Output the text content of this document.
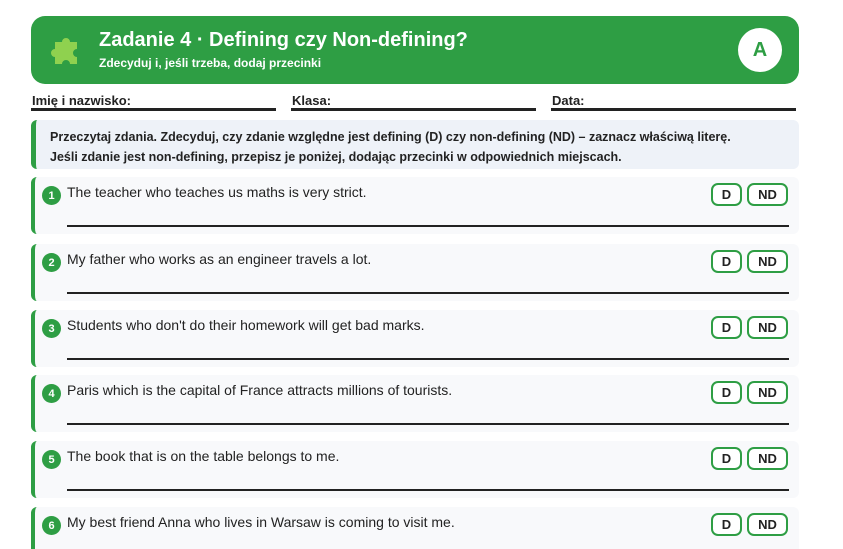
Zadanie 4 · Defining czy Non-defining?
Zdecyduj i, jeśli trzeba, dodaj przecinki
A
Imię i nazwisko:	Klasa:	Data:
Przeczytaj zdania. Zdecyduj, czy zdanie względne jest defining (D) czy non-defining (ND) – zaznacz właściwą literę.
Jeśli zdanie jest non-defining, przepisz je poniżej, dodając przecinki w odpowiednich miejscach.
1 The teacher who teaches us maths is very strict.	D	ND
2 My father who works as an engineer travels a lot.	D	ND
3 Students who don't do their homework will get bad marks.	D	ND
4 Paris which is the capital of France attracts millions of tourists.	D	ND
5 The book that is on the table belongs to me.	D	ND
6 My best friend Anna who lives in Warsaw is coming to visit me.	D	ND
